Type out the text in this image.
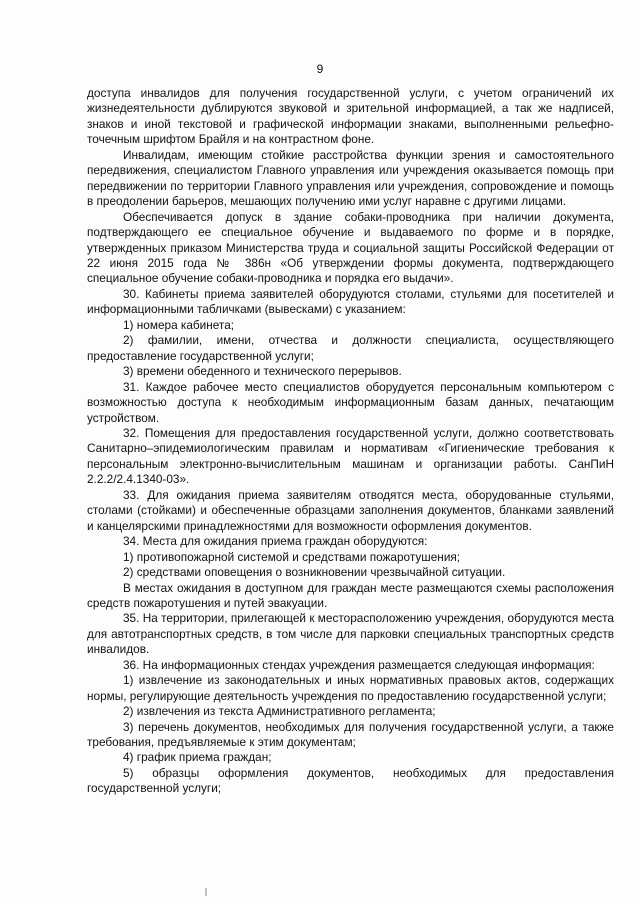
9

доступа инвалидов для получения государственной услуги, с учетом ограничений их жизнедеятельности дублируются звуковой и зрительной информацией, а так же надписей, знаков и иной текстовой и графической информации знаками, выполненными рельефно-точечным шрифтом Брайля и на контрастном фоне.

Инвалидам, имеющим стойкие расстройства функции зрения и самостоятельного передвижения, специалистом Главного управления или учреждения оказывается помощь при передвижении по территории Главного управления или учреждения, сопровождение и помощь в преодолении барьеров, мешающих получению ими услуг наравне с другими лицами.

Обеспечивается допуск в здание собаки-проводника при наличии документа, подтверждающего ее специальное обучение и выдаваемого по форме и в порядке, утвержденных приказом Министерства труда и социальной защиты Российской Федерации от 22 июня 2015 года № 386н «Об утверждении формы документа, подтверждающего специальное обучение собаки-проводника и порядка его выдачи».

30. Кабинеты приема заявителей оборудуются столами, стульями для посетителей и информационными табличками (вывесками) с указанием:

1) номера кабинета;

2) фамилии, имени, отчества и должности специалиста, осуществляющего предоставление государственной услуги;

3) времени обеденного и технического перерывов.

31. Каждое рабочее место специалистов оборудуется персональным компьютером с возможностью доступа к необходимым информационным базам данных, печатающим устройством.

32. Помещения для предоставления государственной услуги, должно соответствовать Санитарно–эпидемиологическим правилам и нормативам «Гигиенические требования к персональным электронно-вычислительным машинам и организации работы. СанПиН 2.2.2/2.4.1340-03».

33. Для ожидания приема заявителям отводятся места, оборудованные стульями, столами (стойками) и обеспеченные образцами заполнения документов, бланками заявлений и канцелярскими принадлежностями для возможности оформления документов.

34. Места для ожидания приема граждан оборудуются:

1) противопожарной системой и средствами пожаротушения;

2) средствами оповещения о возникновении чрезвычайной ситуации.

В местах ожидания в доступном для граждан месте размещаются схемы расположения средств пожаротушения и путей эвакуации.

35. На территории, прилегающей к месторасположению учреждения, оборудуются места для автотранспортных средств, в том числе для парковки специальных транспортных средств инвалидов.

36. На информационных стендах учреждения размещается следующая информация:

1) извлечение из законодательных и иных нормативных правовых актов, содержащих нормы, регулирующие деятельность учреждения по предоставлению государственной услуги;

2) извлечения из текста Административного регламента;

3) перечень документов, необходимых для получения государственной услуги, а также требования, предъявляемые к этим документам;

4) график приема граждан;

5) образцы оформления документов, необходимых для предоставления государственной услуги;
